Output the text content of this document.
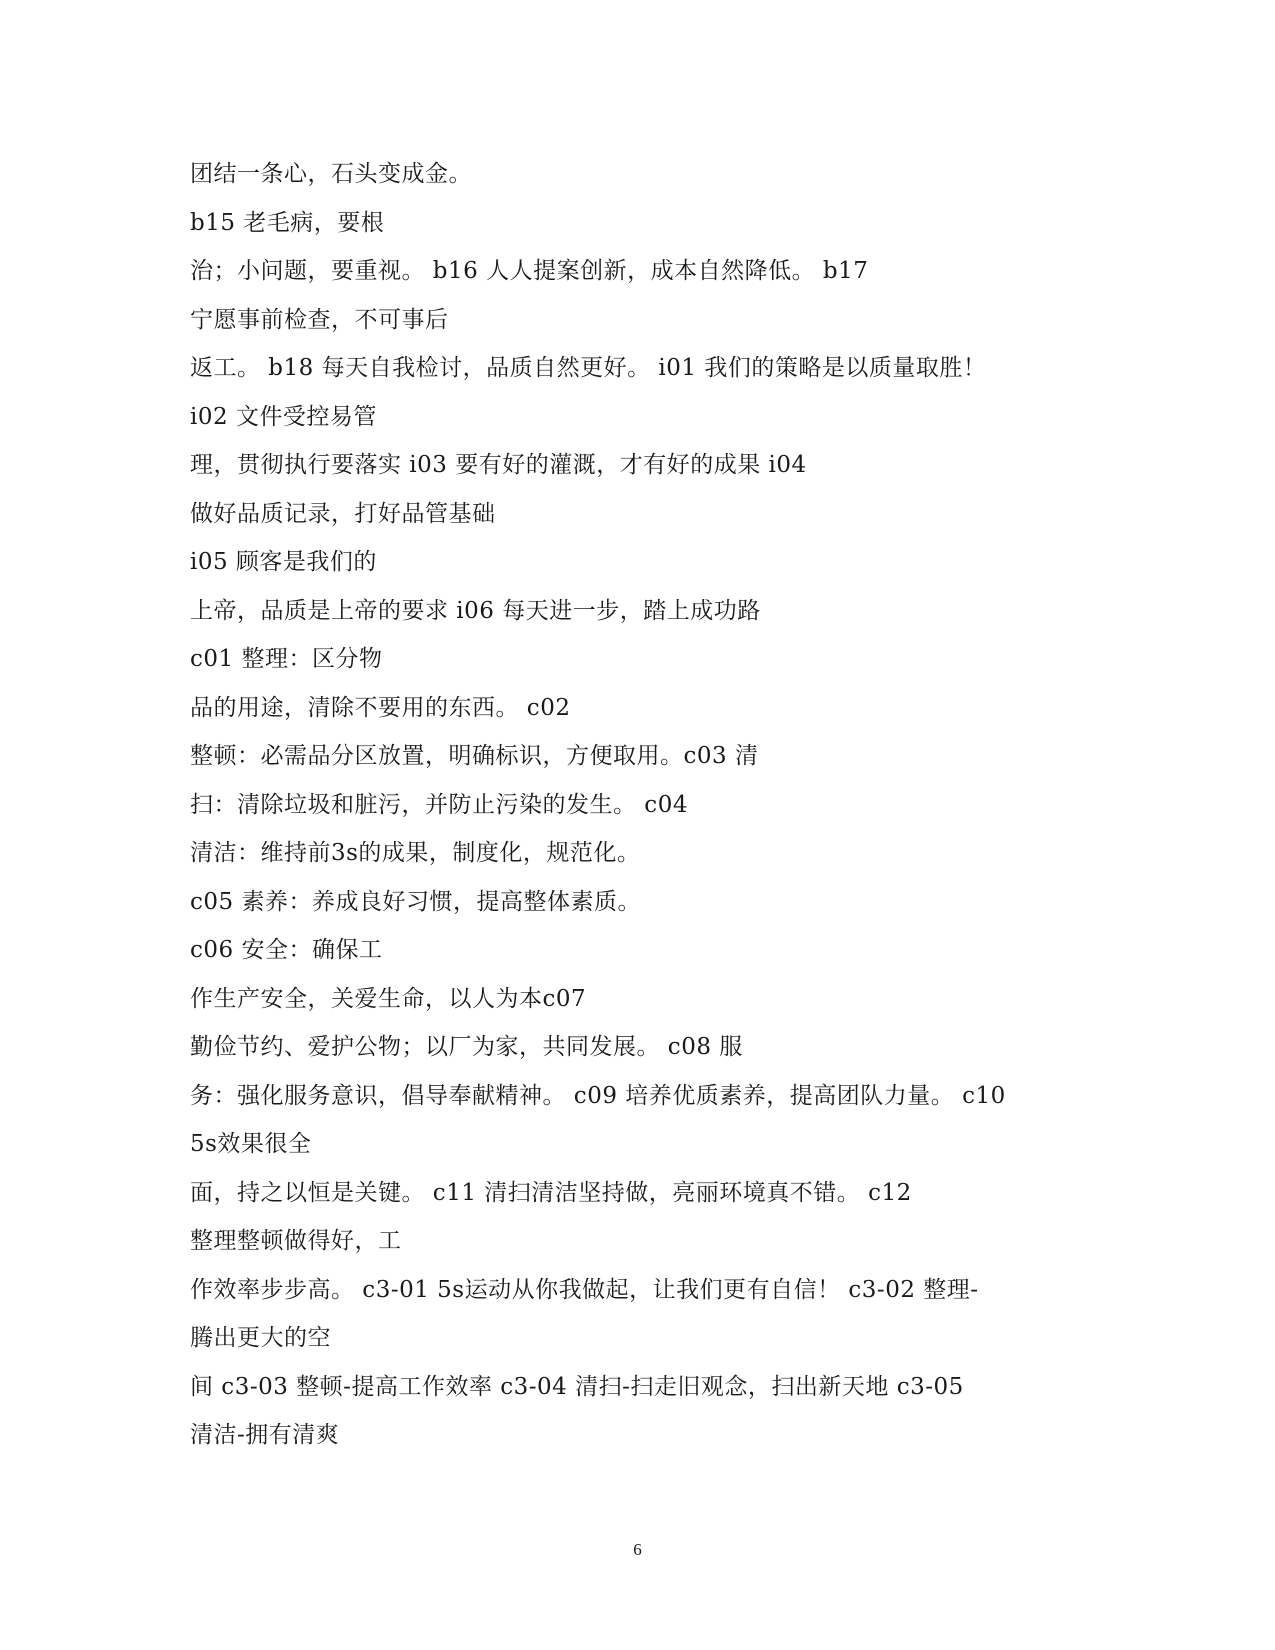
团结一条心，石头变成金。
b15 老毛病，要根
治；小问题，要重视。 b16 人人提案创新，成本自然降低。 b17
宁愿事前检查，不可事后
返工。 b18 每天自我检讨，品质自然更好。 i01 我们的策略是以质量取胜！
i02 文件受控易管
理，贯彻执行要落实 i03 要有好的灌溉，才有好的成果 i04
做好品质记录，打好品管基础
i05 顾客是我们的
上帝，品质是上帝的要求 i06 每天进一步，踏上成功路
c01 整理：区分物
品的用途，清除不要用的东西。 c02
整顿：必需品分区放置，明确标识，方便取用。c03 清
扫：清除垃圾和脏污，并防止污染的发生。 c04
清洁：维持前3s的成果，制度化，规范化。
c05 素养：养成良好习惯，提高整体素质。
c06 安全：确保工
作生产安全，关爱生命，以人为本c07
勤俭节约、爱护公物；以厂为家，共同发展。 c08 服
务：强化服务意识，倡导奉献精神。 c09 培养优质素养，提高团队力量。 c10
5s效果很全
面，持之以恒是关键。 c11 清扫清洁坚持做，亮丽环境真不错。 c12
整理整顿做得好，工
作效率步步高。 c3-01 5s运动从你我做起，让我们更有自信！ c3-02 整理-
腾出更大的空
间 c3-03 整顿-提高工作效率 c3-04 清扫-扫走旧观念，扫出新天地 c3-05
清洁-拥有清爽
6
